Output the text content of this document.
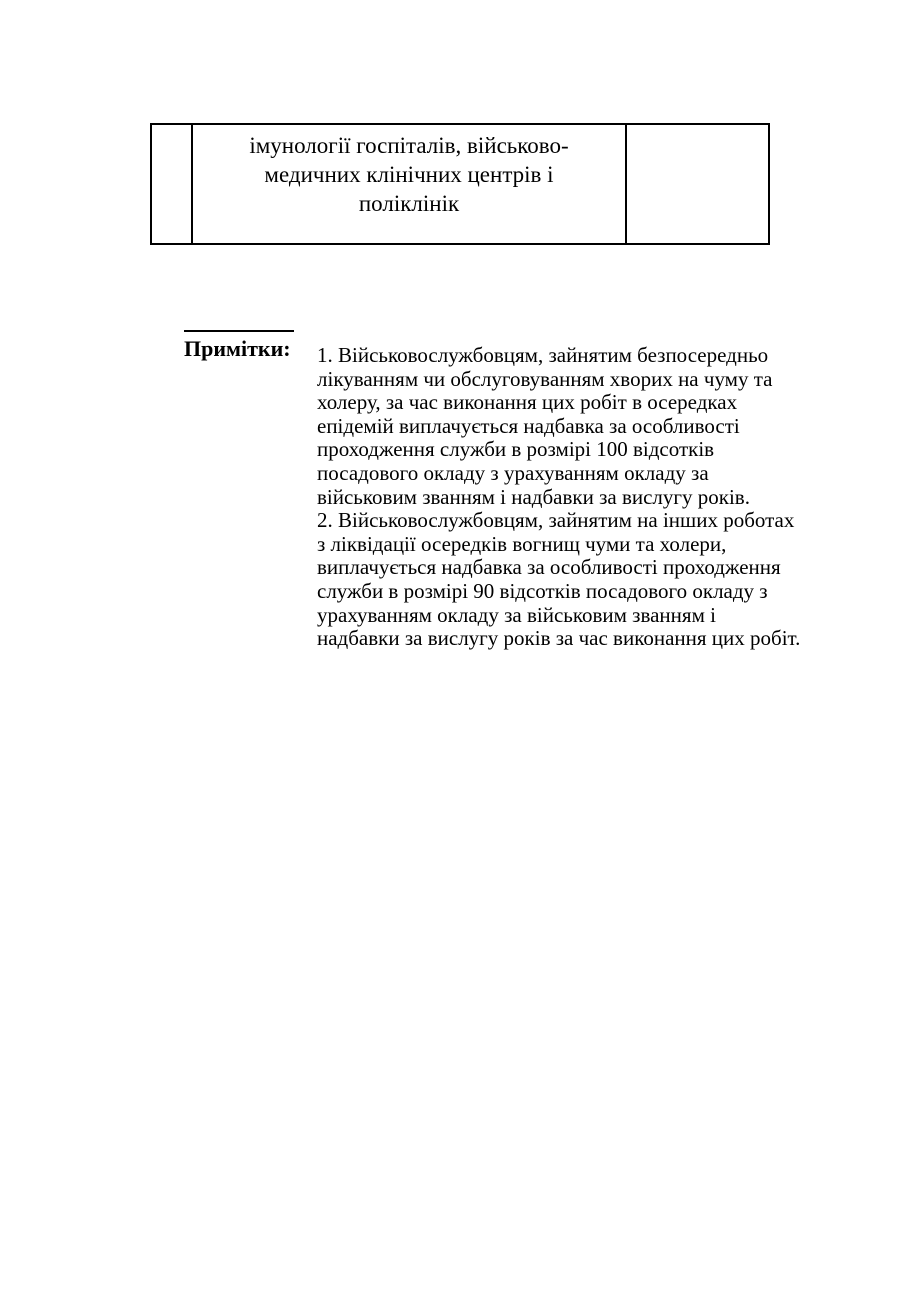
імунології госпіталів, військово-
медичних клінічних центрів і
поліклінік
Примітки: 1. Військовослужбовцям, зайнятим безпосередньо лікуванням чи обслуговуванням хворих на чуму та холеру, за час виконання цих робіт в осередках епідемій виплачується надбавка за особливості проходження служби в розмірі 100 відсотків посадового окладу з урахуванням окладу за військовим званням і надбавки за вислугу років.

2. Військовослужбовцям, зайнятим на інших роботах з ліквідації осередків вогнищ чуми та холери, виплачується надбавка за особливості проходження служби в розмірі 90 відсотків посадового окладу з урахуванням окладу за військовим званням і надбавки за вислугу років за час виконання цих робіт.
